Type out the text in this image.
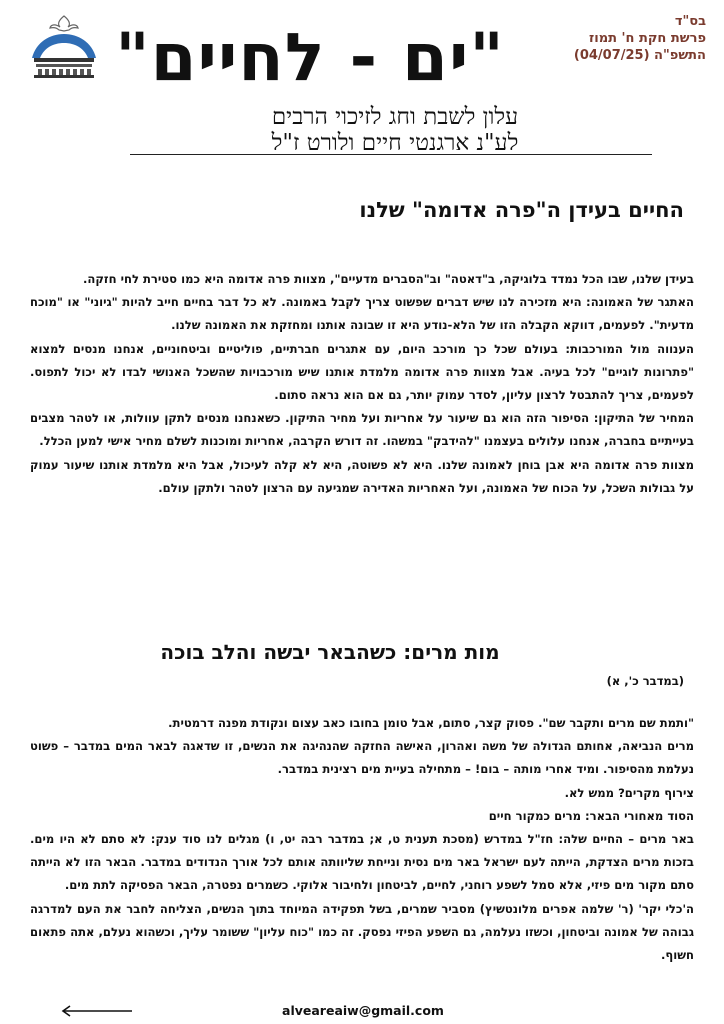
בס"ד
פרשת חקת ח' תמוז
התשפ"ה (04/07/25)
"ים - לחיים"
עלון לשבת וחג לזיכוי הרבים
לע"נ ארגנטי חיים ולורט ז"ל
החיים בעידן ה"פרה אדומה" שלנו

בעידן שלנו, שבו הכל נמדד בלוגיקה, ב"דאטה" וב"הסברים מדעיים", מצוות פרה אדומה היא כמו סטירת לחי חזקה.

האתגר של האמונה: היא מזכירה לנו שיש דברים שפשוט צריך לקבל באמונה. לא כל דבר בחיים חייב להיות "גיוני" או "מוכח מדעית". לפעמים, דווקא הקבלה הזו של הלא-נודע היא זו שבונה אותנו ומחזקת את האמונה שלנו.

הענווה מול המורכבות: בעולם שכל כך מורכב היום, עם אתגרים חברתיים, פוליטיים וביטחוניים, אנחנו מנסים למצוא "פתרונות לוגיים" לכל בעיה. אבל מצוות פרה אדומה מלמדת אותנו שיש מורכבויות שהשכל האנושי לבדו לא יכול לתפוס. לפעמים, צריך להתבטל לרצון עליון, לסדר עמוק יותר, גם אם הוא נראה סתום.

המחיר של התיקון: הסיפור הזה הוא גם שיעור על אחריות ועל מחיר התיקון. כשאנחנו מנסים לתקן עוולות, או לטהר מצבים בעייתיים בחברה, אנחנו עלולים בעצמנו "להידבק" במשהו. זה דורש הקרבה, אחריות ומוכנות לשלם מחיר אישי למען הכלל.

מצוות פרה אדומה היא אבן בוחן לאמונה שלנו. היא לא פשוטה, היא לא קלה לעיכול, אבל היא מלמדת אותנו שיעור עמוק על גבולות השכל, על הכוח של האמונה, ועל האחריות האדירה שמגיעה עם הרצון לטהר ולתקן עולם.

מות מרים: כשהבאר יבשה והלב בוכה
(במדבר כ', א)

"ותמת שם מרים ותקבר שם". פסוק קצר, סתום, אבל טומן בחובו כאב עצום ונקודת מפנה דרמטית.

מרים הנביאה, אחותם הגדולה של משה ואהרון, האישה החזקה שהנהיגה את הנשים, זו שדאגה לבאר המים במדבר – פשוט נעלמת מהסיפור. ומיד אחרי מותה – בום! – מתחילה בעיית מים רצינית במדבר.

צירוף מקרים? ממש לא.

הסוד מאחורי הבאר: מרים כמקור חיים

באר מרים – החיים שלה: חז"ל במדרש (מסכת תענית ט, א; במדבר רבה יט, ו) מגלים לנו סוד ענק: לא סתם לא היו מים. בזכות מרים הצדקת, הייתה לעם ישראל באר מים נסית ונייחת שליוותה אותם לכל אורך הנדודים במדבר. הבאר הזו לא הייתה סתם מקור מים פיזי, אלא סמל לשפע רוחני, לחיים, לביטחון ולחיבור אלוקי. כשמרים נפטרה, הבאר הפסיקה לתת מים.

ה'כלי יקר' (ר' שלמה אפרים מלונטשיץ) מסביר שמרים, בשל תפקידה המיוחד בתוך הנשים, הצליחה לחבר את העם למדרגה גבוהה של אמונה וביטחון, וכשזו נעלמה, גם השפע הפיזי נפסק. זה כמו "כוח עליון" ששומר עליך, וכשהוא נעלם, אתה פתאום חשוף.

alveareaiw@gmail.com
